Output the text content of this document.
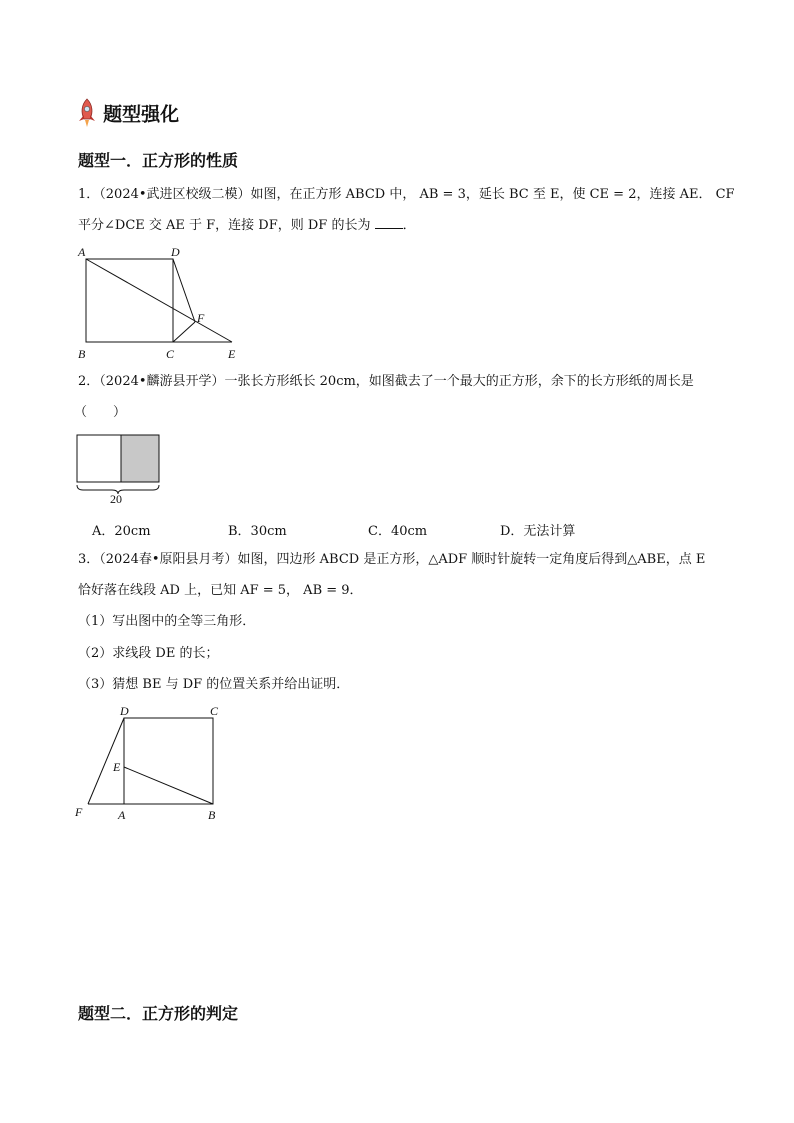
题型强化
题型一．正方形的性质
1．（2024•武进区校级二模）如图，在正方形 ABCD 中， AB = 3，延长 BC 至 E，使 CE = 2，连接 AE． CF
平分∠DCE 交 AE 于 F，连接 DF，则 DF 的长为 ．
A	D
F
B	C	E
2．（2024•麟游县开学）一张长方形纸长 20cm，如图截去了一个最大的正方形，余下的长方形纸的周长是
（　　）
20
A．20cm	B．30cm	C．40cm	D．无法计算
3．（2024春•原阳县月考）如图，四边形 ABCD 是正方形，△ADF 顺时针旋转一定角度后得到△ABE，点 E
恰好落在线段 AD 上，已知 AF = 5， AB = 9．
（1）写出图中的全等三角形．
（2）求线段 DE 的长；
（3）猜想 BE 与 DF 的位置关系并给出证明．
D	C
E
F	A	B
题型二．正方形的判定
